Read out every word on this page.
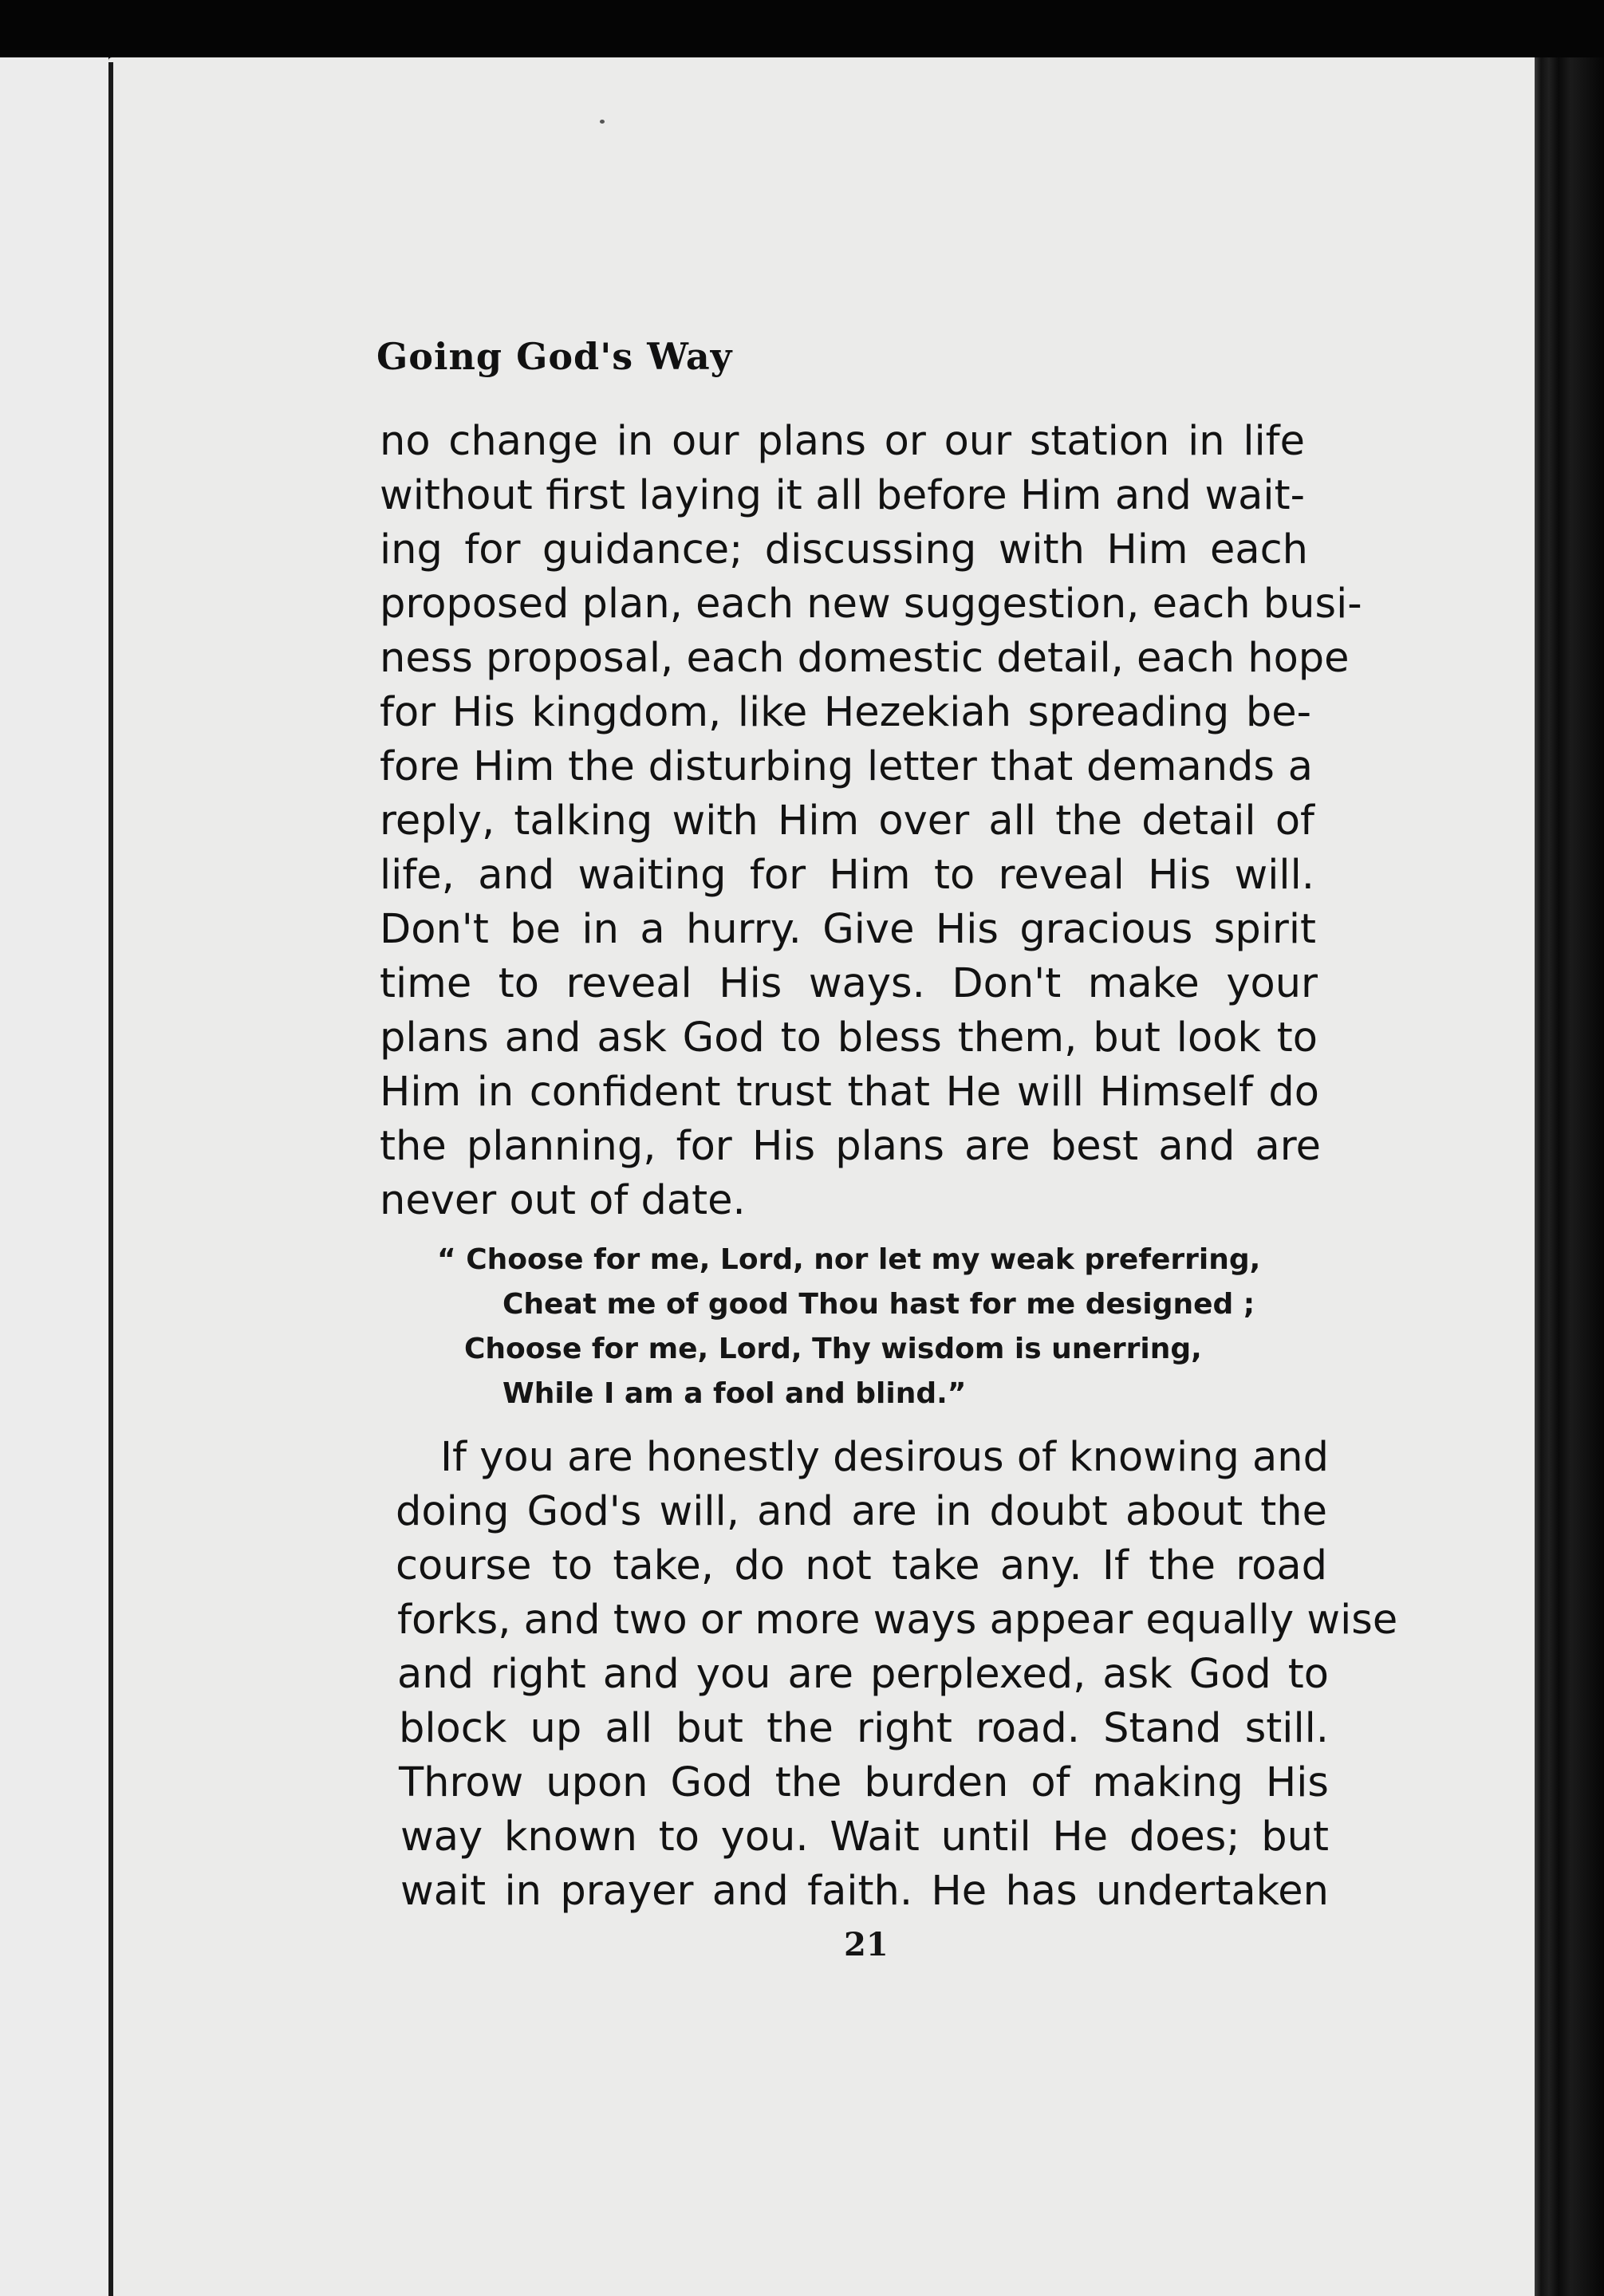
Going God's Way
no change in our plans or our station in life
without first laying it all before Him and wait-
ing for guidance; discussing with Him each
proposed plan, each new suggestion, each busi-
ness proposal, each domestic detail, each hope
for His kingdom, like Hezekiah spreading be-
fore Him the disturbing letter that demands a
reply, talking with Him over all the detail of
life, and waiting for Him to reveal His will.
Don't be in a hurry. Give His gracious spirit
time to reveal His ways. Don't make your
plans and ask God to bless them, but look to
Him in confident trust that He will Himself do
the planning, for His plans are best and are
never out of date.
“ Choose for me, Lord, nor let my weak preferring,
Cheat me of good Thou hast for me designed ;
Choose for me, Lord, Thy wisdom is unerring,
While I am a fool and blind.”
If you are honestly desirous of knowing and
doing God's will, and are in doubt about the
course to take, do not take any. If the road
forks, and two or more ways appear equally wise
and right and you are perplexed, ask God to
block up all but the right road. Stand still.
Throw upon God the burden of making His
way known to you. Wait until He does; but
wait in prayer and faith. He has undertaken
21
